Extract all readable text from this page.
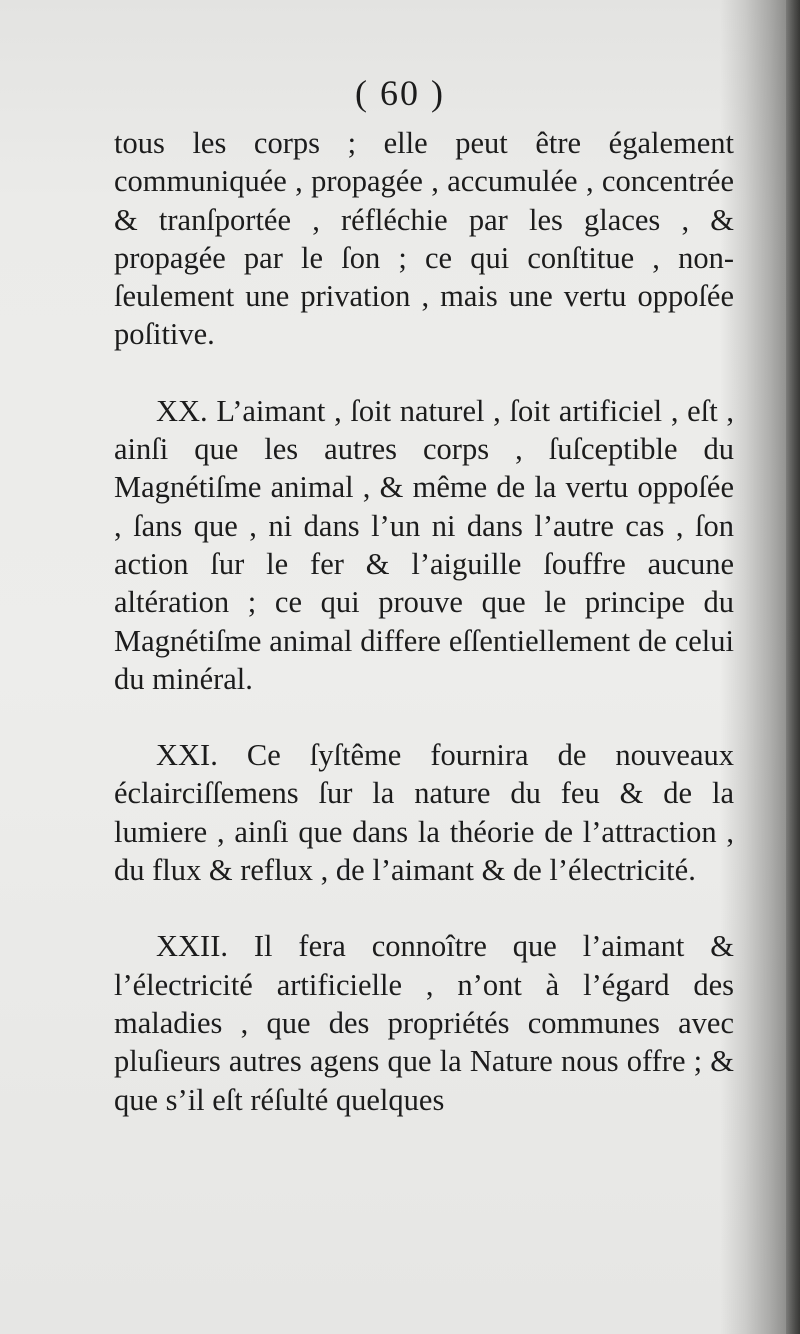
( 60 )

tous les corps ; elle peut être également communiquée , propagée , accumulée , concentrée & tranſportée , réfléchie par les glaces , & propagée par le ſon ; ce qui conſtitue , non-ſeulement une privation , mais une vertu oppoſée poſitive.

XX. L’aimant , ſoit naturel , ſoit artificiel , eſt , ainſi que les autres corps , ſuſceptible du Magnétiſme animal , & même de la vertu oppoſée , ſans que , ni dans l’un ni dans l’autre cas , ſon action ſur le fer & l’aiguille ſouffre aucune altération ; ce qui prouve que le principe du Magnétiſme animal differe eſſentiellement de celui du minéral.

XXI. Ce ſyſtême fournira de nouveaux éclairciſſemens ſur la nature du feu & de la lumiere , ainſi que dans la théorie de l’attraction , du flux & reflux , de l’aimant & de l’électricité.

XXII. Il fera connoître que l’aimant & l’électricité artificielle , n’ont à l’égard des maladies , que des propriétés communes avec pluſieurs autres agens que la Nature nous offre ; & que s’il eſt réſulté quelques
